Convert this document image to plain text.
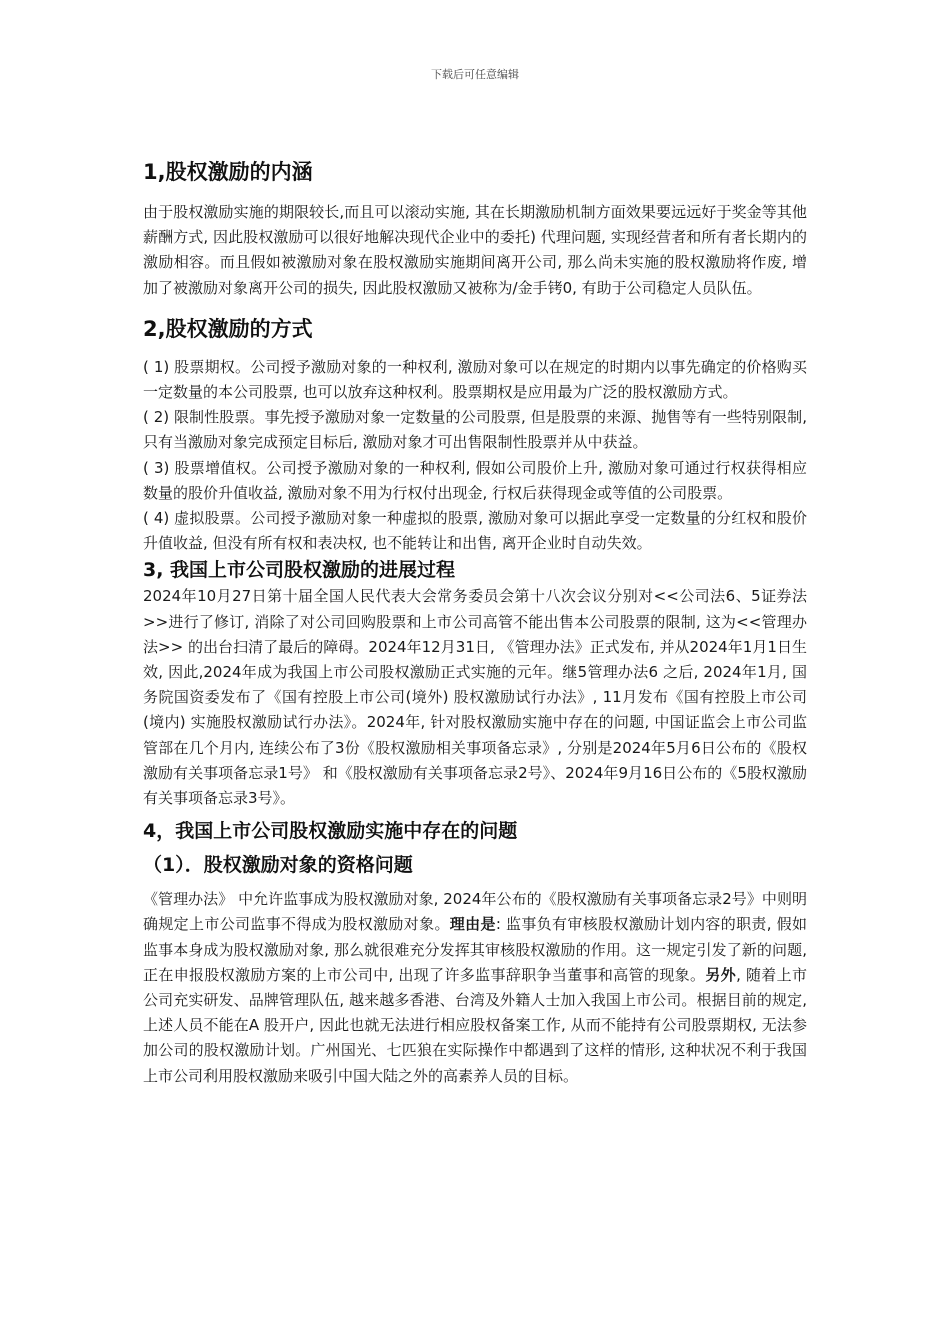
下载后可任意编辑
1,股权激励的内涵

由于股权激励实施的期限较长,而且可以滚动实施, 其在长期激励机制方面效果要远远好于奖金等其他薪酬方式, 因此股权激励可以很好地解决现代企业中的委托) 代理问题, 实现经营者和所有者长期内的激励相容。而且假如被激励对象在股权激励实施期间离开公司, 那么尚未实施的股权激励将作废, 增加了被激励对象离开公司的损失, 因此股权激励又被称为/金手铐0, 有助于公司稳定人员队伍。

2,股权激励的方式

( 1) 股票期权。公司授予激励对象的一种权利, 激励对象可以在规定的时期内以事先确定的价格购买一定数量的本公司股票, 也可以放弃这种权利。股票期权是应用最为广泛的股权激励方式。

( 2) 限制性股票。事先授予激励对象一定数量的公司股票, 但是股票的来源、抛售等有一些特别限制, 只有当激励对象完成预定目标后, 激励对象才可出售限制性股票并从中获益。

( 3) 股票增值权。公司授予激励对象的一种权利, 假如公司股价上升, 激励对象可通过行权获得相应数量的股价升值收益, 激励对象不用为行权付出现金, 行权后获得现金或等值的公司股票。

( 4) 虚拟股票。公司授予激励对象一种虚拟的股票, 激励对象可以据此享受一定数量的分红权和股价升值收益, 但没有所有权和表决权, 也不能转让和出售, 离开企业时自动失效。

3, 我国上市公司股权激励的进展过程

2024年10月27日第十届全国人民代表大会常务委员会第十八次会议分别对<<公司法6、5证券法>>进行了修订, 消除了对公司回购股票和上市公司高管不能出售本公司股票的限制, 这为<<管理办法>> 的出台扫清了最后的障碍。2024年12月31日, 《管理办法》正式发布, 并从2024年1月1日生效, 因此,2024年成为我国上市公司股权激励正式实施的元年。继5管理办法6 之后, 2024年1月, 国务院国资委发布了《国有控股上市公司(境外) 股权激励试行办法》, 11月发布《国有控股上市公司(境内) 实施股权激励试行办法》。2024年, 针对股权激励实施中存在的问题, 中国证监会上市公司监管部在几个月内, 连续公布了3份《股权激励相关事项备忘录》, 分别是2024年5月6日公布的《股权激励有关事项备忘录1号》 和《股权激励有关事项备忘录2号》、2024年9月16日公布的《5股权激励有关事项备忘录3号》。

4，我国上市公司股权激励实施中存在的问题
（1）．股权激励对象的资格问题

《管理办法》 中允许监事成为股权激励对象, 2024年公布的《股权激励有关事项备忘录2号》中则明确规定上市公司监事不得成为股权激励对象。理由是: 监事负有审核股权激励计划内容的职责, 假如监事本身成为股权激励对象, 那么就很难充分发挥其审核股权激励的作用。这一规定引发了新的问题, 正在申报股权激励方案的上市公司中, 出现了许多监事辞职争当董事和高管的现象。另外, 随着上市公司充实研发、品牌管理队伍, 越来越多香港、台湾及外籍人士加入我国上市公司。根据目前的规定, 上述人员不能在A 股开户, 因此也就无法进行相应股权备案工作, 从而不能持有公司股票期权, 无法参加公司的股权激励计划。广州国光、七匹狼在实际操作中都遇到了这样的情形, 这种状况不利于我国上市公司利用股权激励来吸引中国大陆之外的高素养人员的目标。
